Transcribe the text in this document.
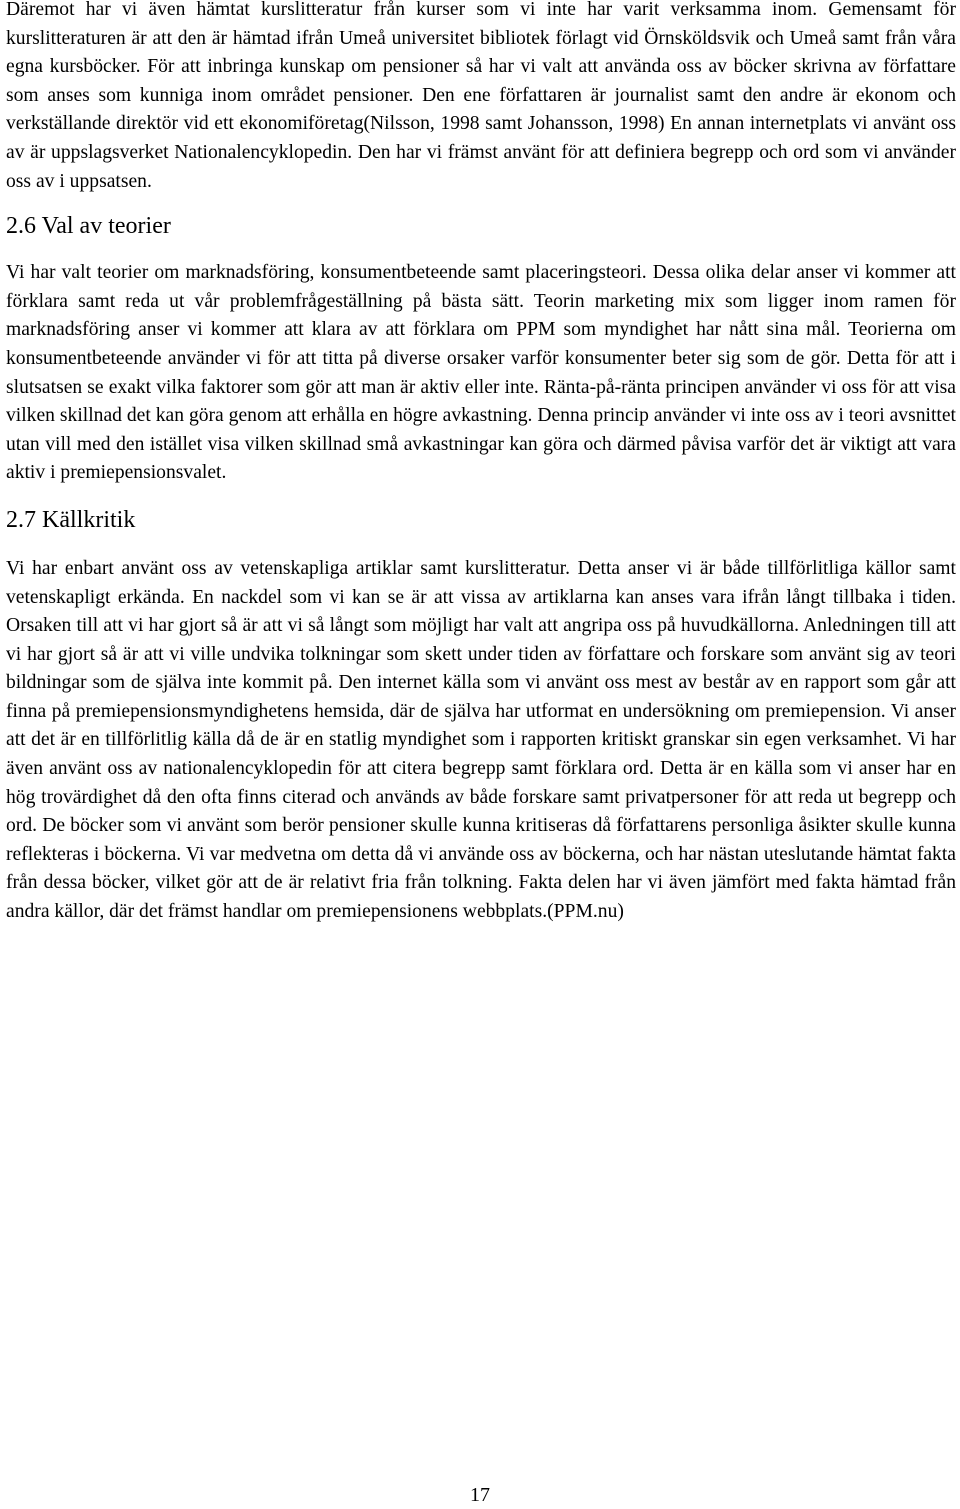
Däremot har vi även hämtat kurslitteratur från kurser som vi inte har varit verksamma inom. Gemensamt för kurslitteraturen är att den är hämtad ifrån Umeå universitet bibliotek förlagt vid Örnsköldsvik och Umeå samt från våra egna kursböcker. För att inbringa kunskap om pensioner så har vi valt att använda oss av böcker skrivna av författare som anses som kunniga inom området pensioner. Den ene författaren är journalist samt den andre är ekonom och verkställande direktör vid ett ekonomiföretag(Nilsson, 1998 samt Johansson, 1998) En annan internetplats vi använt oss av är uppslagsverket Nationalencyklopedin. Den har vi främst använt för att definiera begrepp och ord som vi använder oss av i uppsatsen.

2.6 Val av teorier

Vi har valt teorier om marknadsföring, konsumentbeteende samt placeringsteori. Dessa olika delar anser vi kommer att förklara samt reda ut vår problemfrågeställning på bästa sätt. Teorin marketing mix som ligger inom ramen för marknadsföring anser vi kommer att klara av att förklara om PPM som myndighet har nått sina mål. Teorierna om konsumentbeteende använder vi för att titta på diverse orsaker varför konsumenter beter sig som de gör. Detta för att i slutsatsen se exakt vilka faktorer som gör att man är aktiv eller inte. Ränta-på-ränta principen använder vi oss för att visa vilken skillnad det kan göra genom att erhålla en högre avkastning. Denna princip använder vi inte oss av i teori avsnittet utan vill med den istället visa vilken skillnad små avkastningar kan göra och därmed påvisa varför det är viktigt att vara aktiv i premiepensionsvalet.

2.7 Källkritik

Vi har enbart använt oss av vetenskapliga artiklar samt kurslitteratur. Detta anser vi är både tillförlitliga källor samt vetenskapligt erkända. En nackdel som vi kan se är att vissa av artiklarna kan anses vara ifrån långt tillbaka i tiden. Orsaken till att vi har gjort så är att vi så långt som möjligt har valt att angripa oss på huvudkällorna. Anledningen till att vi har gjort så är att vi ville undvika tolkningar som skett under tiden av författare och forskare som använt sig av teori bildningar som de själva inte kommit på. Den internet källa som vi använt oss mest av består av en rapport som går att finna på premiepensionsmyndighetens hemsida, där de själva har utformat en undersökning om premiepension. Vi anser att det är en tillförlitlig källa då de är en statlig myndighet som i rapporten kritiskt granskar sin egen verksamhet. Vi har även använt oss av nationalencyklopedin för att citera begrepp samt förklara ord. Detta är en källa som vi anser har en hög trovärdighet då den ofta finns citerad och används av både forskare samt privatpersoner för att reda ut begrepp och ord. De böcker som vi använt som berör pensioner skulle kunna kritiseras då författarens personliga åsikter skulle kunna reflekteras i böckerna. Vi var medvetna om detta då vi använde oss av böckerna, och har nästan uteslutande hämtat fakta från dessa böcker, vilket gör att de är relativt fria från tolkning. Fakta delen har vi även jämfört med fakta hämtad från andra källor, där det främst handlar om premiepensionens webbplats.(PPM.nu)

17
